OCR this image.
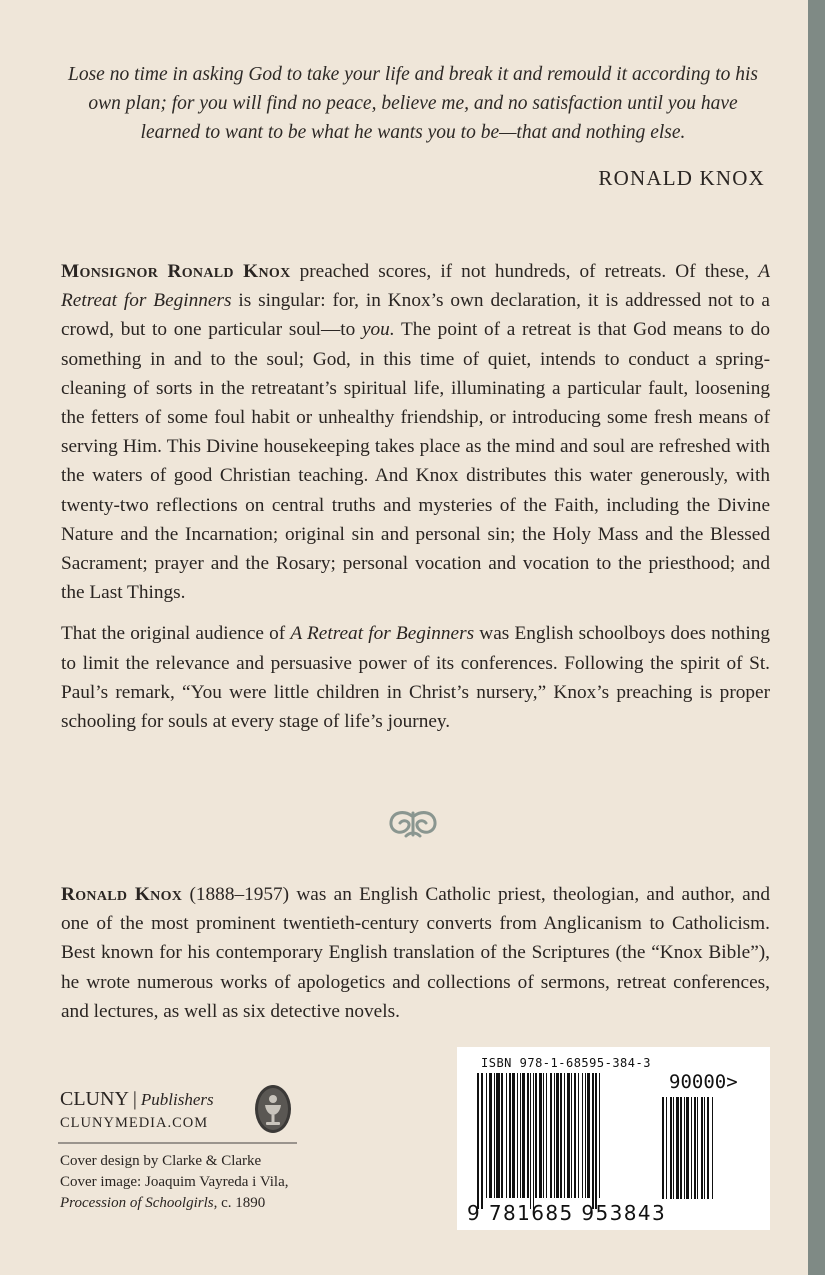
Lose no time in asking God to take your life and break it and remould it according to his own plan; for you will find no peace, believe me, and no satisfaction until you have learned to want to be what he wants you to be—that and nothing else.
RONALD KNOX

Monsignor Ronald Knox preached scores, if not hundreds, of retreats. Of these, A Retreat for Beginners is singular: for, in Knox’s own declaration, it is addressed not to a crowd, but to one particular soul—to you. The point of a retreat is that God means to do something in and to the soul; God, in this time of quiet, intends to conduct a spring-cleaning of sorts in the retreatant’s spiritual life, illuminating a particular fault, loosening the fetters of some foul habit or unhealthy friendship, or introducing some fresh means of serving Him. This Divine housekeeping takes place as the mind and soul are refreshed with the waters of good Christian teaching. And Knox distributes this water generously, with twenty-two reflections on central truths and mysteries of the Faith, including the Divine Nature and the Incarnation; original sin and personal sin; the Holy Mass and the Blessed Sacrament; prayer and the Rosary; personal vocation and vocation to the priesthood; and the Last Things.

That the original audience of A Retreat for Beginners was English schoolboys does nothing to limit the relevance and persuasive power of its conferences. Following the spirit of St. Paul’s remark, “You were little children in Christ’s nursery,” Knox’s preaching is proper schooling for souls at every stage of life’s journey.

Ronald Knox (1888–1957) was an English Catholic priest, theologian, and author, and one of the most prominent twentieth-century converts from Anglicanism to Catholicism. Best known for his contemporary English translation of the Scriptures (the “Knox Bible”), he wrote numerous works of apologetics and collections of sermons, retreat conferences, and lectures, as well as six detective novels.
CLUNY | Publishers
CLUNYMEDIA.COM
Cover design by Clarke & Clarke
Cover image: Joaquim Vayreda i Vila,
Procession of Schoolgirls, c. 1890
ISBN 978-1-68595-384-3
90000>
9 781685 953843
